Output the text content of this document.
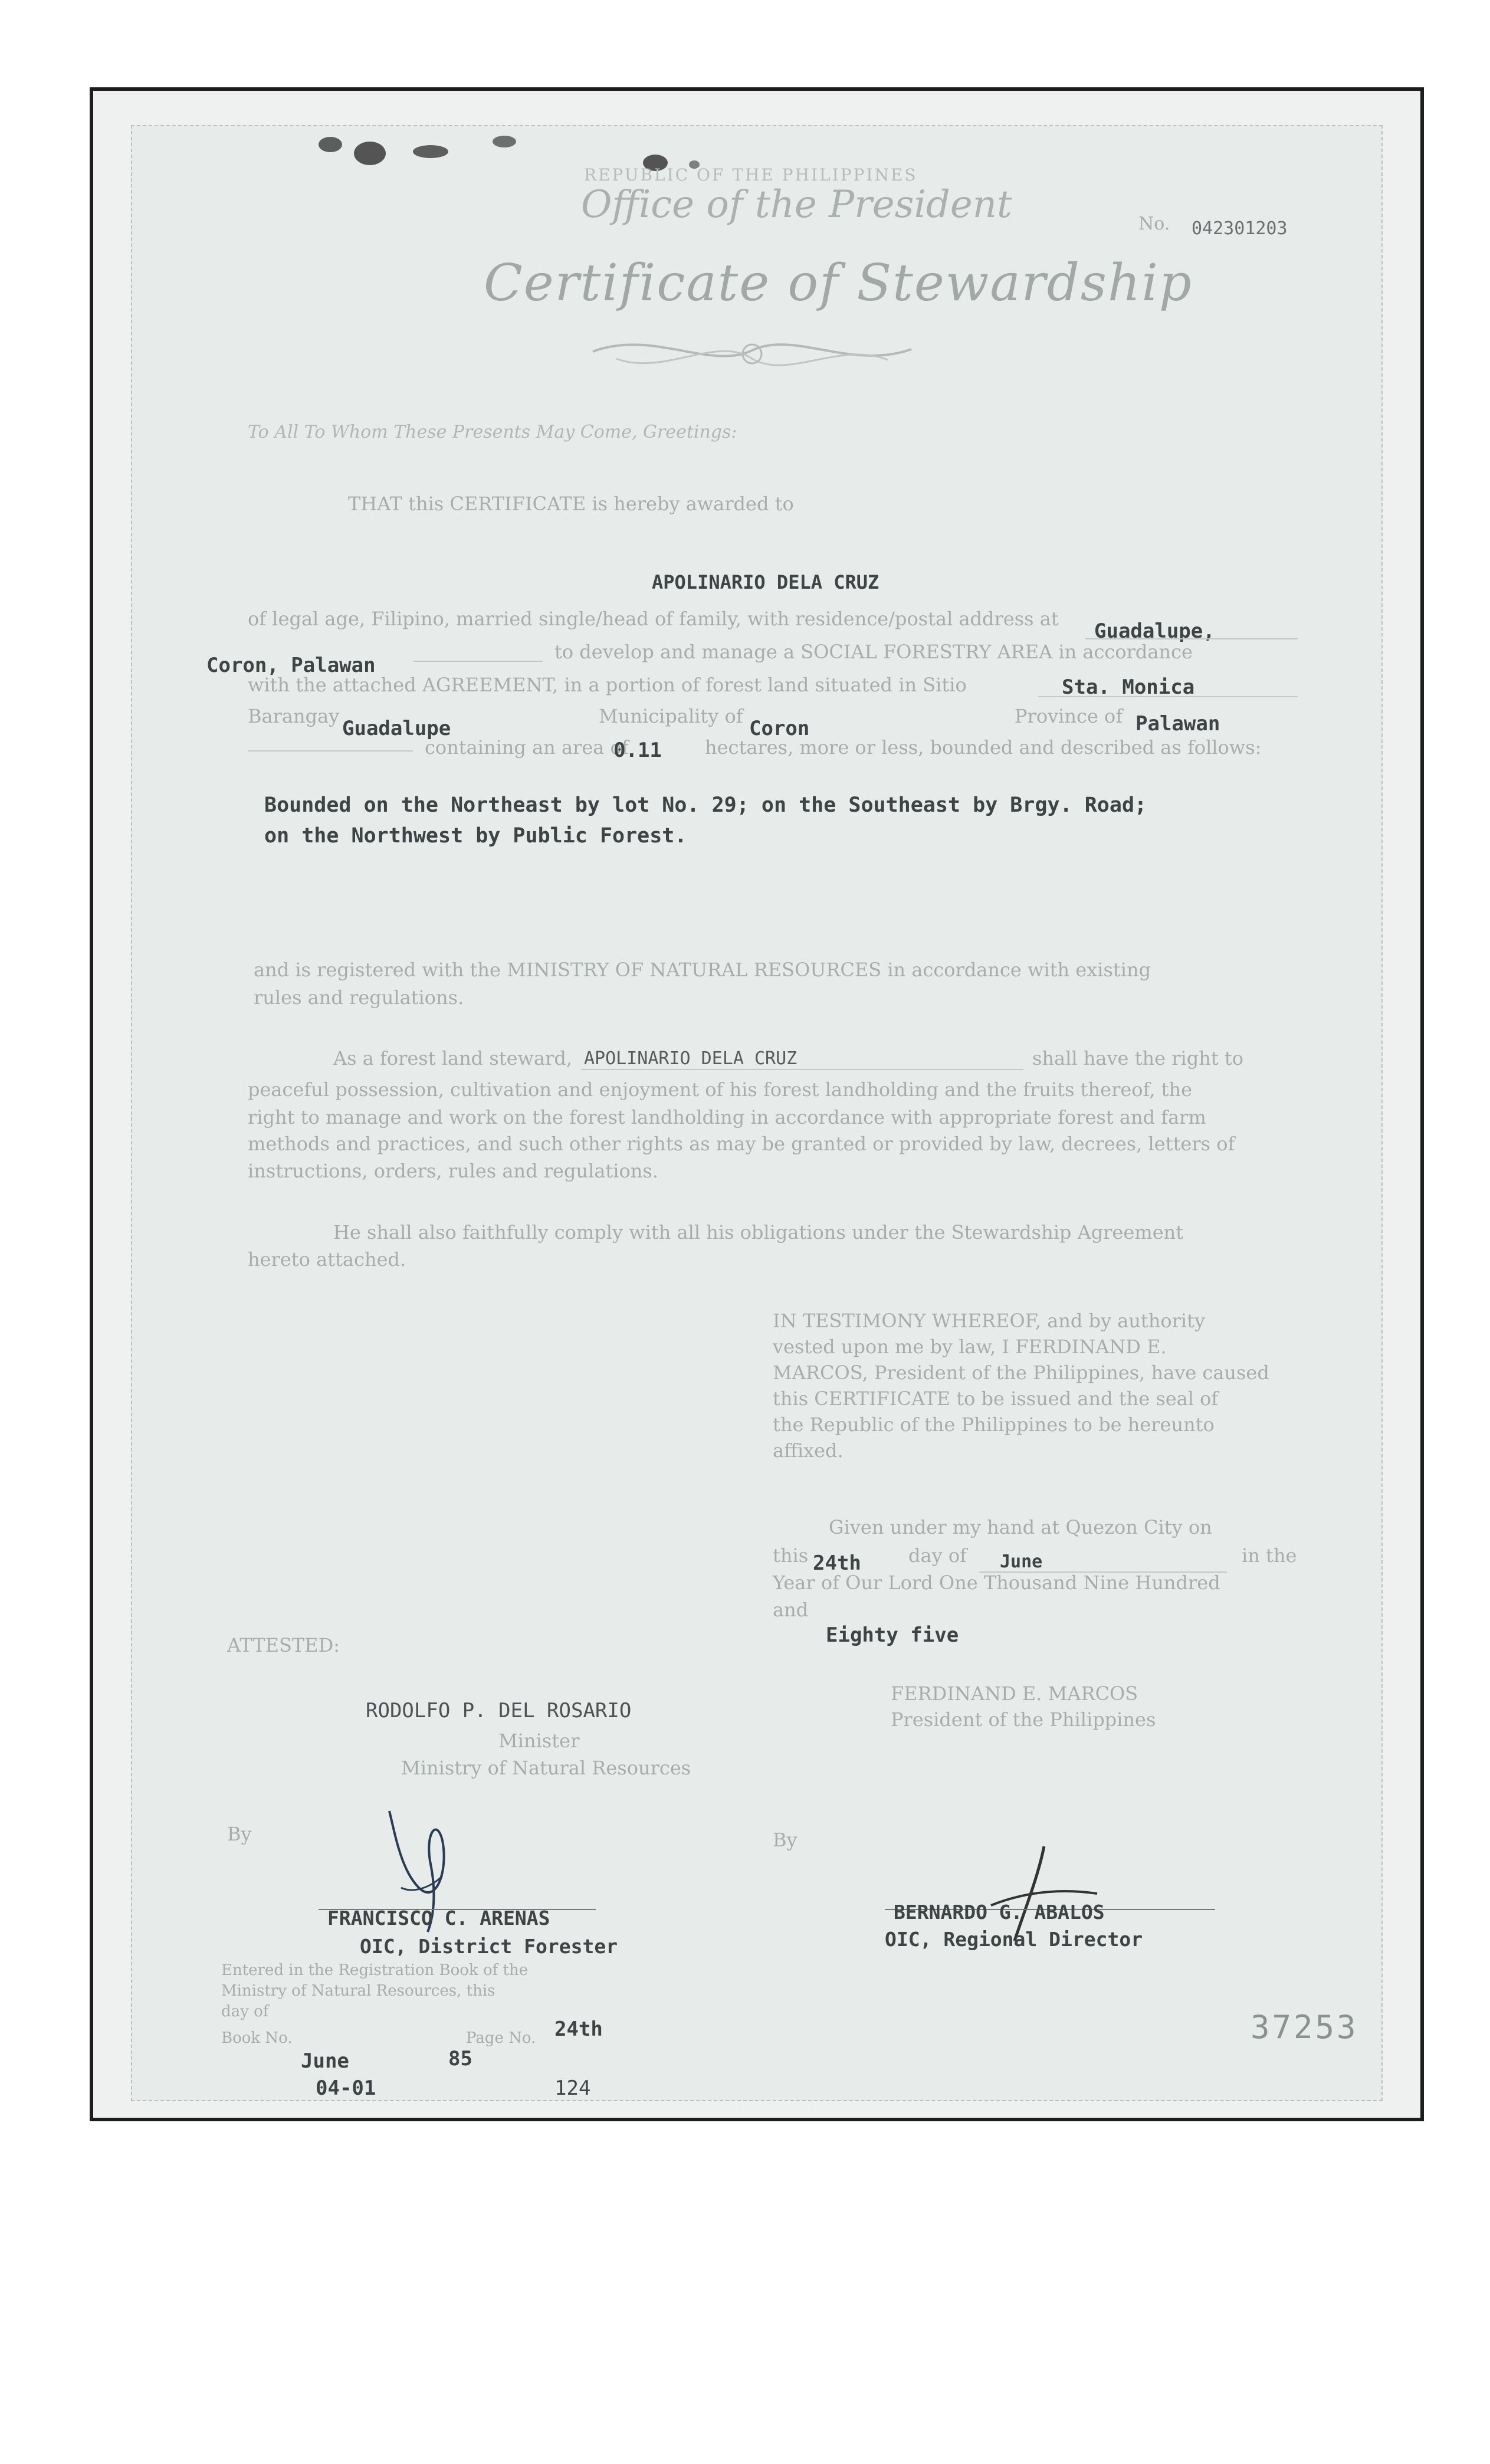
REPUBLIC OF THE PHILIPPINES
Office of the President	No. 042301203
Certificate of Stewardship
To All To Whom These Presents May Come, Greetings:
THAT this CERTIFICATE is hereby awarded to
APOLINARIO DELA CRUZ
of legal age, Filipino, married single/head of family, with residence/postal address at
Guadalupe,
Coron, Palawan
to develop and manage a SOCIAL FORESTRY AREA in accordance
with the attached AGREEMENT, in a portion of forest land situated in Sitio	Sta. Monica
Barangay	Municipality of	Province of
Guadalupe	Coron	Palawan
containing an area of
0.11 hectares, more or less, bounded and described as follows:
Bounded on the Northeast by lot No. 29; on the Southeast by Brgy. Road;
on the Northwest by Public Forest.
and is registered with the MINISTRY OF NATURAL RESOURCES in accordance with existing
rules and regulations.
As a forest land steward, APOLINARIO DELA CRUZ	shall have the right to
peaceful possession, cultivation and enjoyment of his forest landholding and the fruits thereof, the
right to manage and work on the forest landholding in accordance with appropriate forest and farm
methods and practices, and such other rights as may be granted or provided by law, decrees, letters of
instructions, orders, rules and regulations.
He shall also faithfully comply with all his obligations under the Stewardship Agreement
hereto attached.
IN TESTIMONY WHEREOF, and by authority
vested upon me by law, I FERDINAND E.
MARCOS, President of the Philippines, have caused
this CERTIFICATE to be issued and the seal of
the Republic of the Philippines to be hereunto
affixed.
Given under my hand at Quezon City on
this 24th	day of June	in the
Year of Our Lord One Thousand Nine Hundred
and
Eighty five
ATTESTED:
RODOLFO P. DEL ROSARIO
Minister
Ministry of Natural Resources
FERDINAND E. MARCOS
President of the Philippines
By	By
FRANCISCO C. ARENAS
OIC, District Forester
BERNARDO G. ABALOS
OIC, Regional Director
Entered in the Registration Book of the
Ministry of Natural Resources, this
day of
Book No.	Page No. 24th
June	85
04-01	124
37253
